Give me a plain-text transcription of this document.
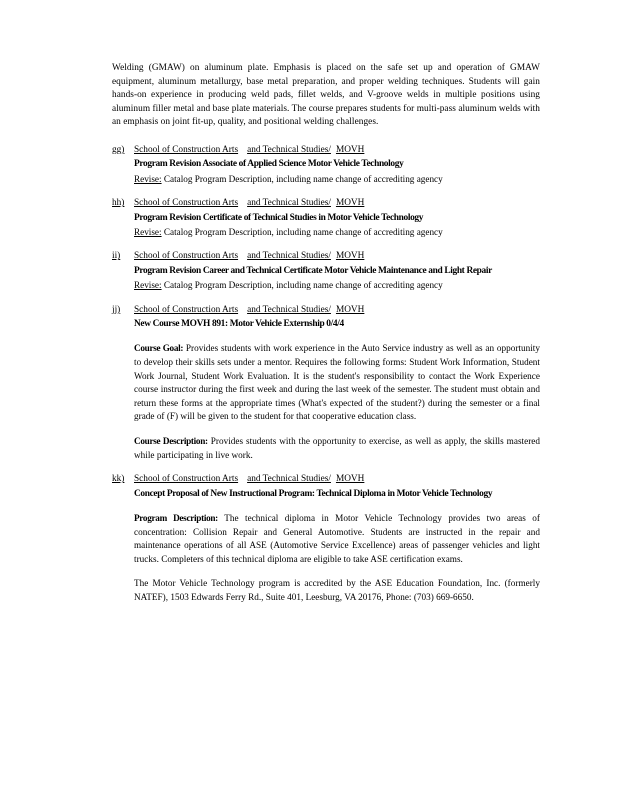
Welding (GMAW) on aluminum plate. Emphasis is placed on the safe set up and operation of GMAW equipment, aluminum metallurgy, base metal preparation, and proper welding techniques. Students will gain hands-on experience in producing weld pads, fillet welds, and V-groove welds in multiple positions using aluminum filler metal and base plate materials. The course prepares students for multi-pass aluminum welds with an emphasis on joint fit-up, quality, and positional welding challenges.

gg)	School of Construction Arts and Technical Studies/ MOVH
Program Revision Associate of Applied Science Motor Vehicle Technology
Revise: Catalog Program Description, including name change of accrediting agency
hh)	School of Construction Arts and Technical Studies/ MOVH
Program Revision Certificate of Technical Studies in Motor Vehicle Technology
Revise: Catalog Program Description, including name change of accrediting agency
ii)	School of Construction Arts and Technical Studies/ MOVH
Program Revision Career and Technical Certificate Motor Vehicle Maintenance and Light Repair
Revise: Catalog Program Description, including name change of accrediting agency
jj)	School of Construction Arts and Technical Studies/ MOVH
New Course MOVH 891: Motor Vehicle Externship 0/4/4

Course Goal: Provides students with work experience in the Auto Service industry as well as an opportunity to develop their skills sets under a mentor. Requires the following forms: Student Work Information, Student Work Journal, Student Work Evaluation. It is the student's responsibility to contact the Work Experience course instructor during the first week and during the last week of the semester. The student must obtain and return these forms at the appropriate times (What's expected of the student?) during the semester or a final grade of (F) will be given to the student for that cooperative education class.

Course Description: Provides students with the opportunity to exercise, as well as apply, the skills mastered while participating in live work.

kk)	School of Construction Arts and Technical Studies/ MOVH
Concept Proposal of New Instructional Program: Technical Diploma in Motor Vehicle Technology

Program Description: The technical diploma in Motor Vehicle Technology provides two areas of concentration: Collision Repair and General Automotive. Students are instructed in the repair and maintenance operations of all ASE (Automotive Service Excellence) areas of passenger vehicles and light trucks. Completers of this technical diploma are eligible to take ASE certification exams.

The Motor Vehicle Technology program is accredited by the ASE Education Foundation, Inc. (formerly NATEF), 1503 Edwards Ferry Rd., Suite 401, Leesburg, VA 20176, Phone: (703) 669-6650.
